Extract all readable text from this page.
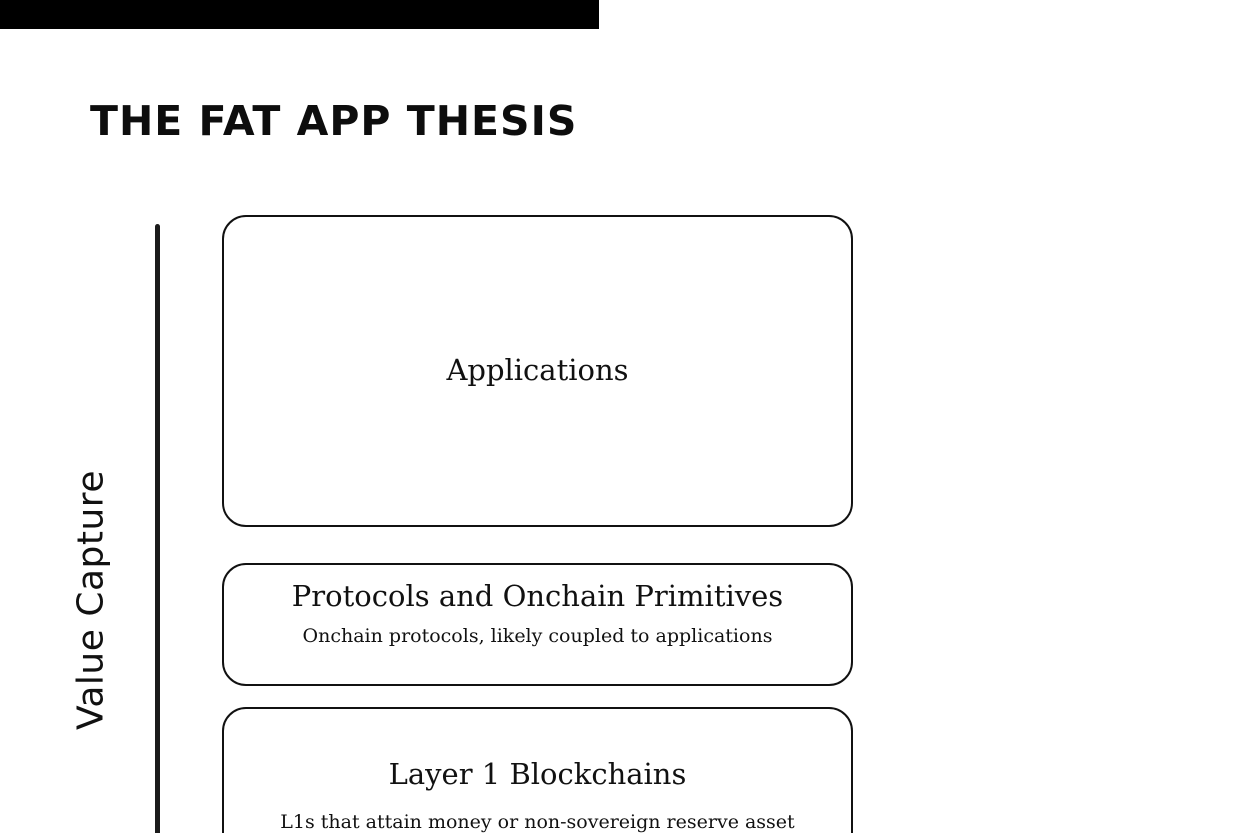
THE FAT APP THESIS
Value Capture
Applications
Protocols and Onchain Primitives
Onchain protocols, likely coupled to applications
Layer 1 Blockchains
L1s that attain money or non-sovereign reserve asset
